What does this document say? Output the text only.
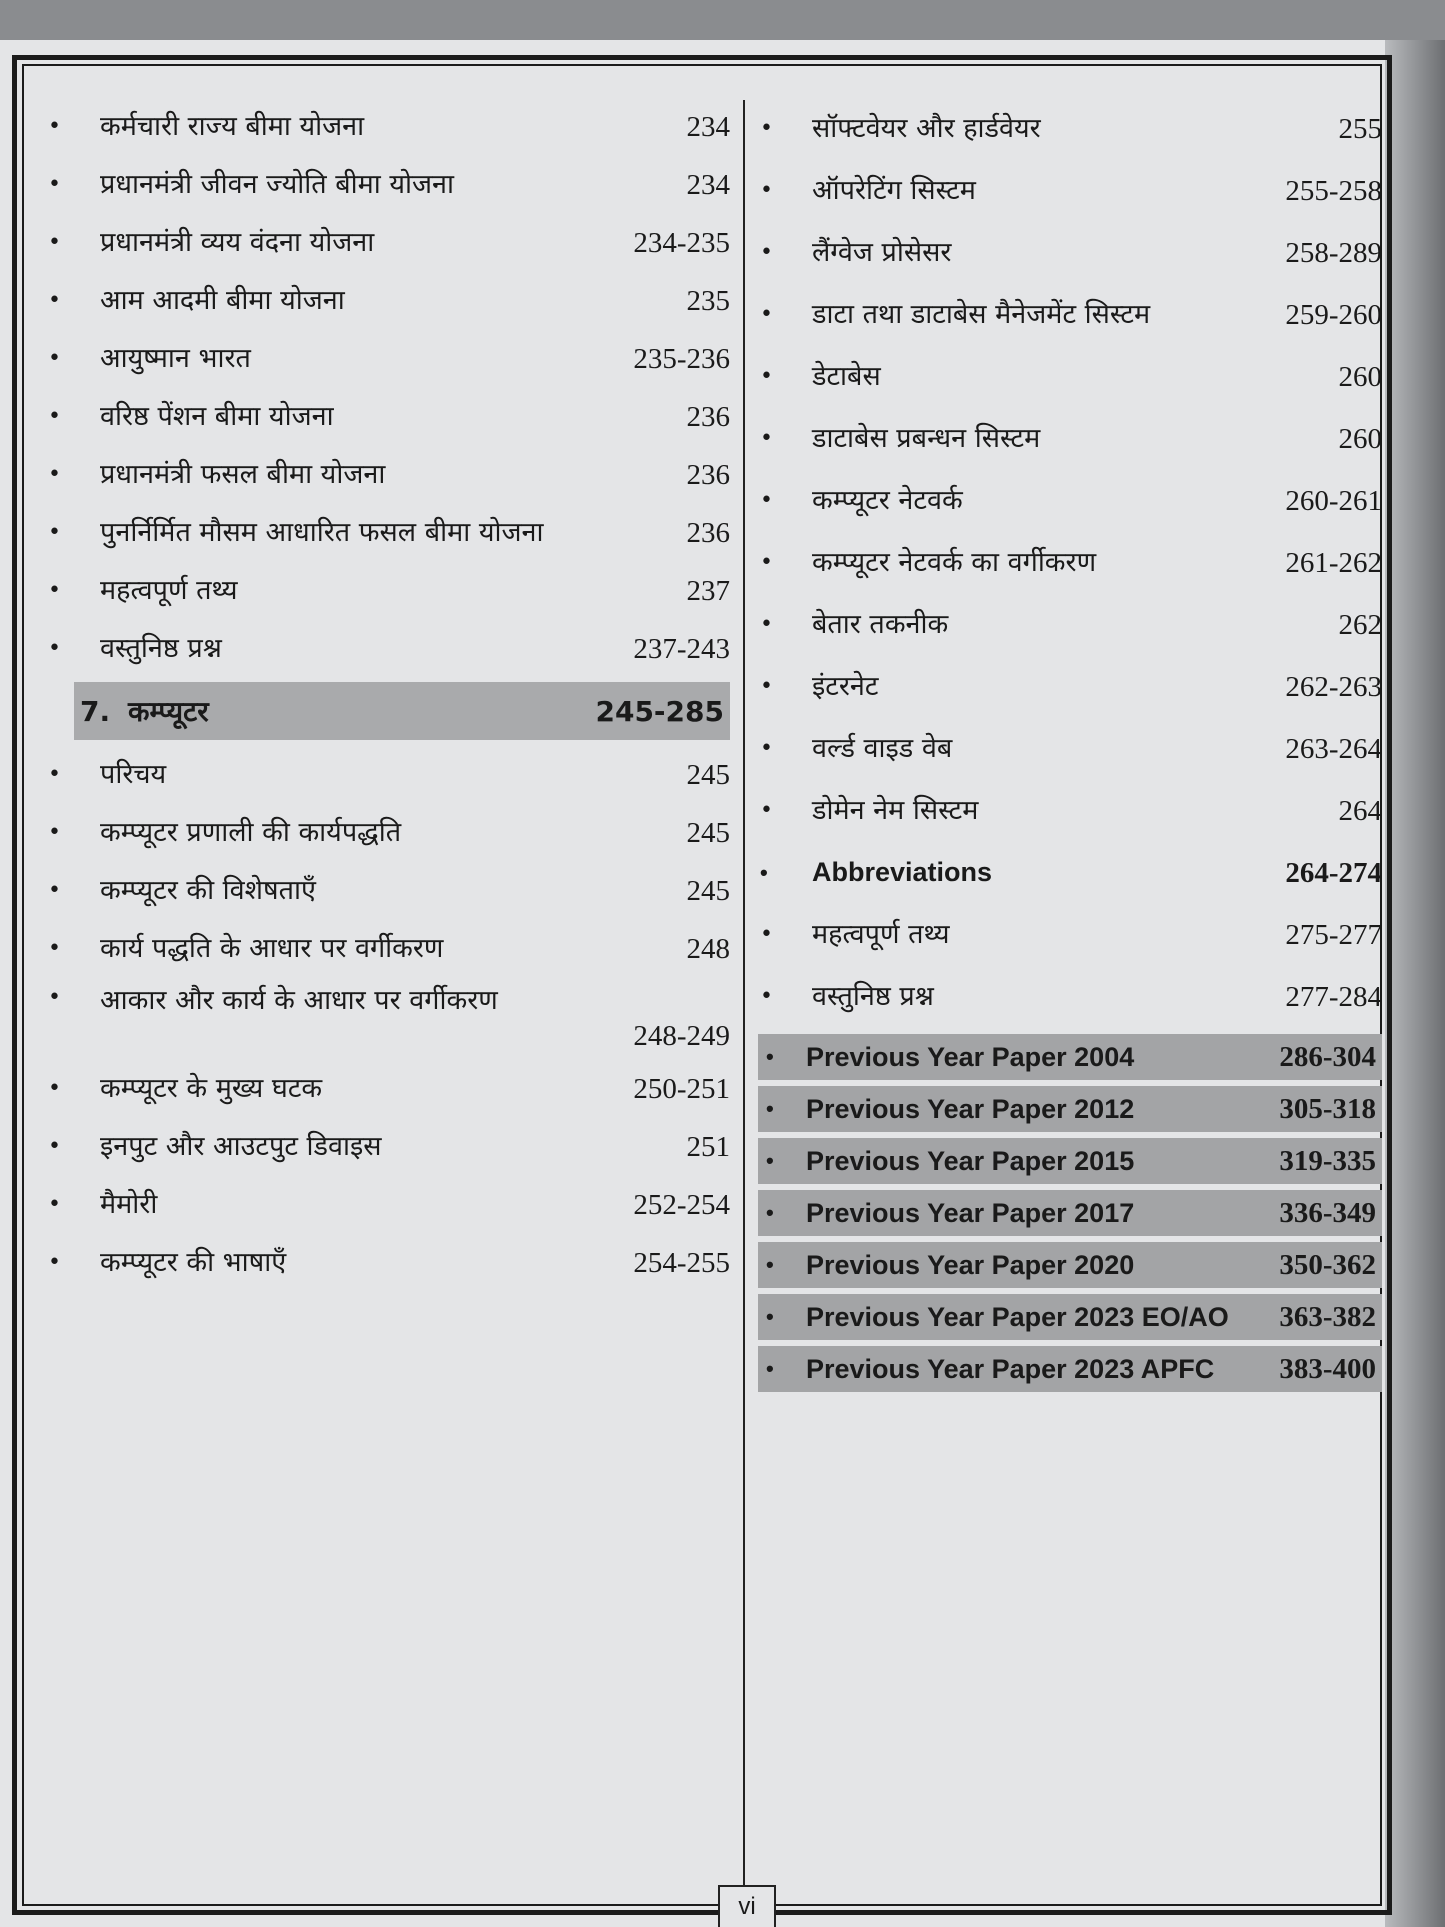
•	कर्मचारी राज्य बीमा योजना	234
•	प्रधानमंत्री जीवन ज्योति बीमा योजना	234
•	प्रधानमंत्री व्यय वंदना योजना	234-235
•	आम आदमी बीमा योजना	235
•	आयुष्मान भारत	235-236
•	वरिष्ठ पेंशन बीमा योजना	236
•	प्रधानमंत्री फसल बीमा योजना	236
•	पुनर्निर्मित मौसम आधारित फसल बीमा योजना	236
•	महत्वपूर्ण तथ्य	237
•	वस्तुनिष्ठ प्रश्न	237-243
7. कम्प्यूटर	245-285
•	परिचय	245
•	कम्प्यूटर प्रणाली की कार्यपद्धति	245
•	कम्प्यूटर की विशेषताएँ	245
•	कार्य पद्धति के आधार पर वर्गीकरण	248
•	आकार और कार्य के आधार पर वर्गीकरण
248-249
•	कम्प्यूटर के मुख्य घटक	250-251
•	इनपुट और आउटपुट डिवाइस	251
•	मैमोरी	252-254
•	कम्प्यूटर की भाषाएँ	254-255
•	सॉफ्टवेयर और हार्डवेयर	255
•	ऑपरेटिंग सिस्टम	255-258
•	लैंग्वेज प्रोसेसर	258-289
•	डाटा तथा डाटाबेस मैनेजमेंट सिस्टम	259-260
•	डेटाबेस	260
•	डाटाबेस प्रबन्धन सिस्टम	260
•	कम्प्यूटर नेटवर्क	260-261
•	कम्प्यूटर नेटवर्क का वर्गीकरण	261-262
•	बेतार तकनीक	262
•	इंटरनेट	262-263
•	वर्ल्ड वाइड वेब	263-264
•	डोमेन नेम सिस्टम	264
•	Abbreviations	264-274
•	महत्वपूर्ण तथ्य	275-277
•	वस्तुनिष्ठ प्रश्न	277-284
•	Previous Year Paper 2004	286-304
•	Previous Year Paper 2012	305-318
•	Previous Year Paper 2015	319-335
•	Previous Year Paper 2017	336-349
•	Previous Year Paper 2020	350-362
•	Previous Year Paper 2023 EO/AO	363-382
•	Previous Year Paper 2023 APFC	383-400
vi
